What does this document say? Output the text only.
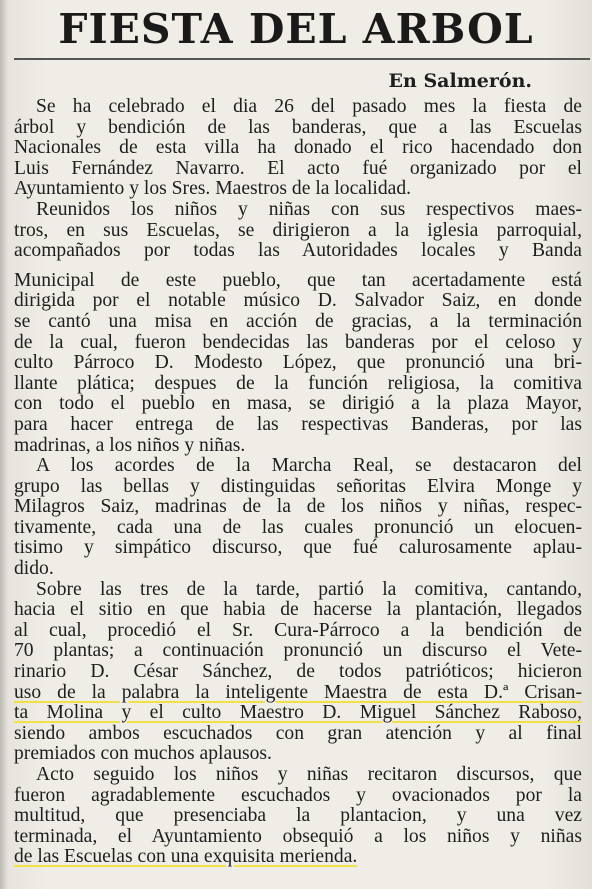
FIESTA DEL ARBOL
En Salmerón.
Se ha celebrado el dia 26 del pasado mes la fiesta de
árbol y bendición de las banderas, que a las Escuelas
Nacionales de esta villa ha donado el rico hacendado don
Luis Fernández Navarro. El acto fué organizado por el
Ayuntamiento y los Sres. Maestros de la localidad.
Reunidos los niños y niñas con sus respectivos maes-
tros, en sus Escuelas, se dirigieron a la iglesia parroquial,
acompañados por todas las Autoridades locales y Banda
Municipal de este pueblo, que tan acertadamente está
dirigida por el notable músico D. Salvador Saiz, en donde
se cantó una misa en acción de gracias, a la terminación
de la cual, fueron bendecidas las banderas por el celoso y
culto Párroco D. Modesto López, que pronunció una bri-
llante plática; despues de la función religiosa, la comitiva
con todo el pueblo en masa, se dirigió a la plaza Mayor,
para hacer entrega de las respectivas Banderas, por las
madrinas, a los niños y niñas.
A los acordes de la Marcha Real, se destacaron del
grupo las bellas y distinguidas señoritas Elvira Monge y
Milagros Saiz, madrinas de la de los niños y niñas, respec-
tivamente, cada una de las cuales pronunció un elocuen-
tisimo y simpático discurso, que fué calurosamente aplau-
dido.
Sobre las tres de la tarde, partió la comitiva, cantando,
hacia el sitio en que habia de hacerse la plantación, llegados
al cual, procedió el Sr. Cura-Párroco a la bendición de
70 plantas; a continuación pronunció un discurso el Vete-
rinario D. César Sánchez, de todos patrióticos; hicieron
uso de la palabra la inteligente Maestra de esta D.ª Crisan-
ta Molina y el culto Maestro D. Miguel Sánchez Raboso,
siendo ambos escuchados con gran atención y al final
premiados con muchos aplausos.
Acto seguido los niños y niñas recitaron discursos, que
fueron agradablemente escuchados y ovacionados por la
multitud, que presenciaba la plantacion, y una vez
terminada, el Ayuntamiento obsequió a los niños y niñas
de las Escuelas con una exquisita merienda.
